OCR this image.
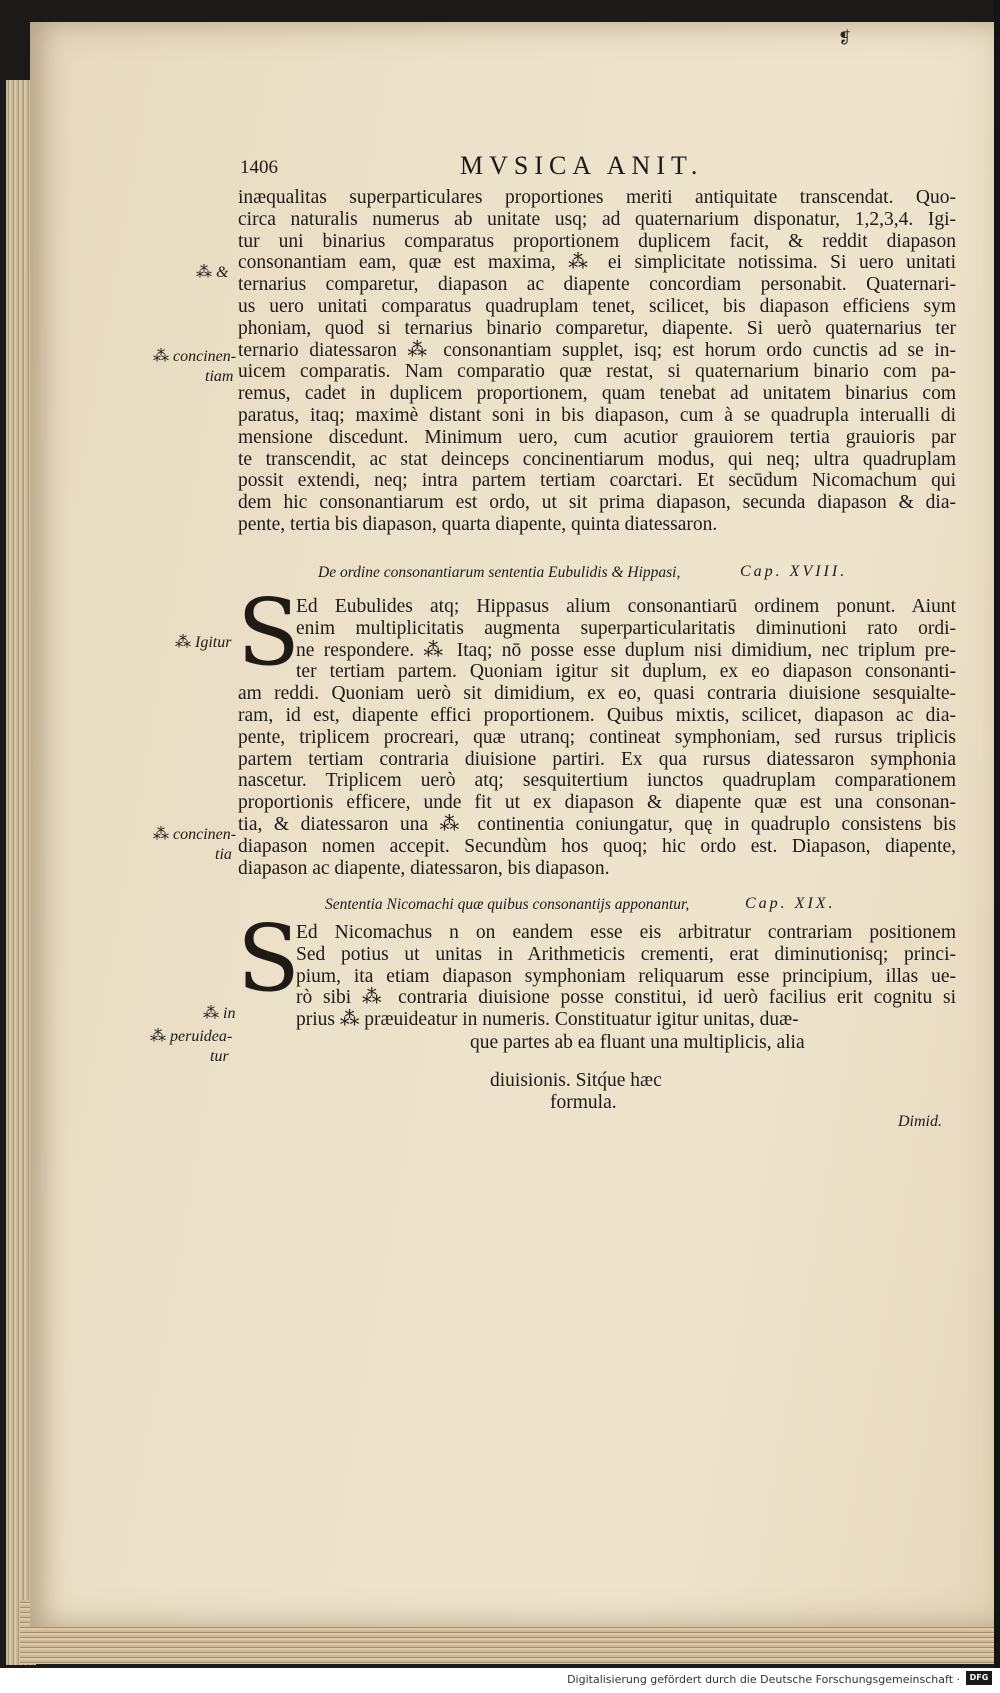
❡
1406	MVSICA ANIT.
inæqualitas superparticulares proportiones meriti antiquitate transcendat. Quo-
circa naturalis numerus ab unitate usq; ad quaternarium disponatur, 1,2,3,4. Igi-
tur uni binarius comparatus proportionem duplicem facit, & reddit diapason
consonantiam eam, quæ est maxima, ⁂ ei simplicitate notissima. Si uero unitati
ternarius comparetur, diapason ac diapente concordiam personabit. Quaternari-
us uero unitati comparatus quadruplam tenet, scilicet, bis diapason efficiens sym
phoniam, quod si ternarius binario comparetur, diapente. Si uerò quaternarius ter
ternario diatessaron ⁂ consonantiam supplet, isq; est horum ordo cunctis ad se in-
uicem comparatis. Nam comparatio quæ restat, si quaternarium binario com pa-
remus, cadet in duplicem proportionem, quam tenebat ad unitatem binarius com
paratus, itaq; maximè distant soni in bis diapason, cum à se quadrupla interualli di
mensione discedunt. Minimum uero, cum acutior grauiorem tertia grauioris par
te transcendit, ac stat deinceps concinentiarum modus, qui neq; ultra quadruplam
possit extendi, neq; intra partem tertiam coarctari. Et secūdum Nicomachum qui
dem hic consonantiarum est ordo, ut sit prima diapason, secunda diapason & dia-
pente, tertia bis diapason, quarta diapente, quinta diatessaron.
De ordine consonantiarum sententia Eubulidis & Hippasi,	Cap. XVIII.
S
Ed Eubulides atq; Hippasus alium consonantiarū ordinem ponunt. Aiunt
enim multiplicitatis augmenta superparticularitatis diminutioni rato ordi-
ne respondere. ⁂ Itaq; nō posse esse duplum nisi dimidium, nec triplum pre-
ter tertiam partem. Quoniam igitur sit duplum, ex eo diapason consonanti-
am reddi. Quoniam uerò sit dimidium, ex eo, quasi contraria diuisione sesquialte-
ram, id est, diapente effici proportionem. Quibus mixtis, scilicet, diapason ac dia-
pente, triplicem procreari, quæ utranq; contineat symphoniam, sed rursus triplicis
partem tertiam contraria diuisione partiri. Ex qua rursus diatessaron symphonia
nascetur. Triplicem uerò atq; sesquitertium iunctos quadruplam comparationem
proportionis efficere, unde fit ut ex diapason & diapente quæ est una consonan-
tia, & diatessaron una ⁂ continentia coniungatur, quę in quadruplo consistens bis
diapason nomen accepit. Secundùm hos quoq; hic ordo est. Diapason, diapente,
diapason ac diapente, diatessaron, bis diapason.
Sententia Nicomachi quæ quibus consonantijs apponantur,	Cap. XIX.
S
Ed Nicomachus n on eandem esse eis arbitratur contrariam positionem
Sed potius ut unitas in Arithmeticis crementi, erat diminutionisq; princi-
pium, ita etiam diapason symphoniam reliquarum esse principium, illas ue-
rò sibi ⁂ contraria diuisione posse constitui, id uerò facilius erit cognitu si
prius ⁂ præuideatur in numeris. Constituatur igitur unitas, duæ-
que partes ab ea fluant una multiplicis, alia
diuisionis. Sitq́ue hæc
formula.
Dimid.
⁂ &
⁂ concinen-
tiam
⁂ Igitur
⁂ concinen-
tia
⁂ in
⁂ peruidea-
tur
Digitalisierung gefördert durch die Deutsche Forschungsgemeinschaft ·	DFG
